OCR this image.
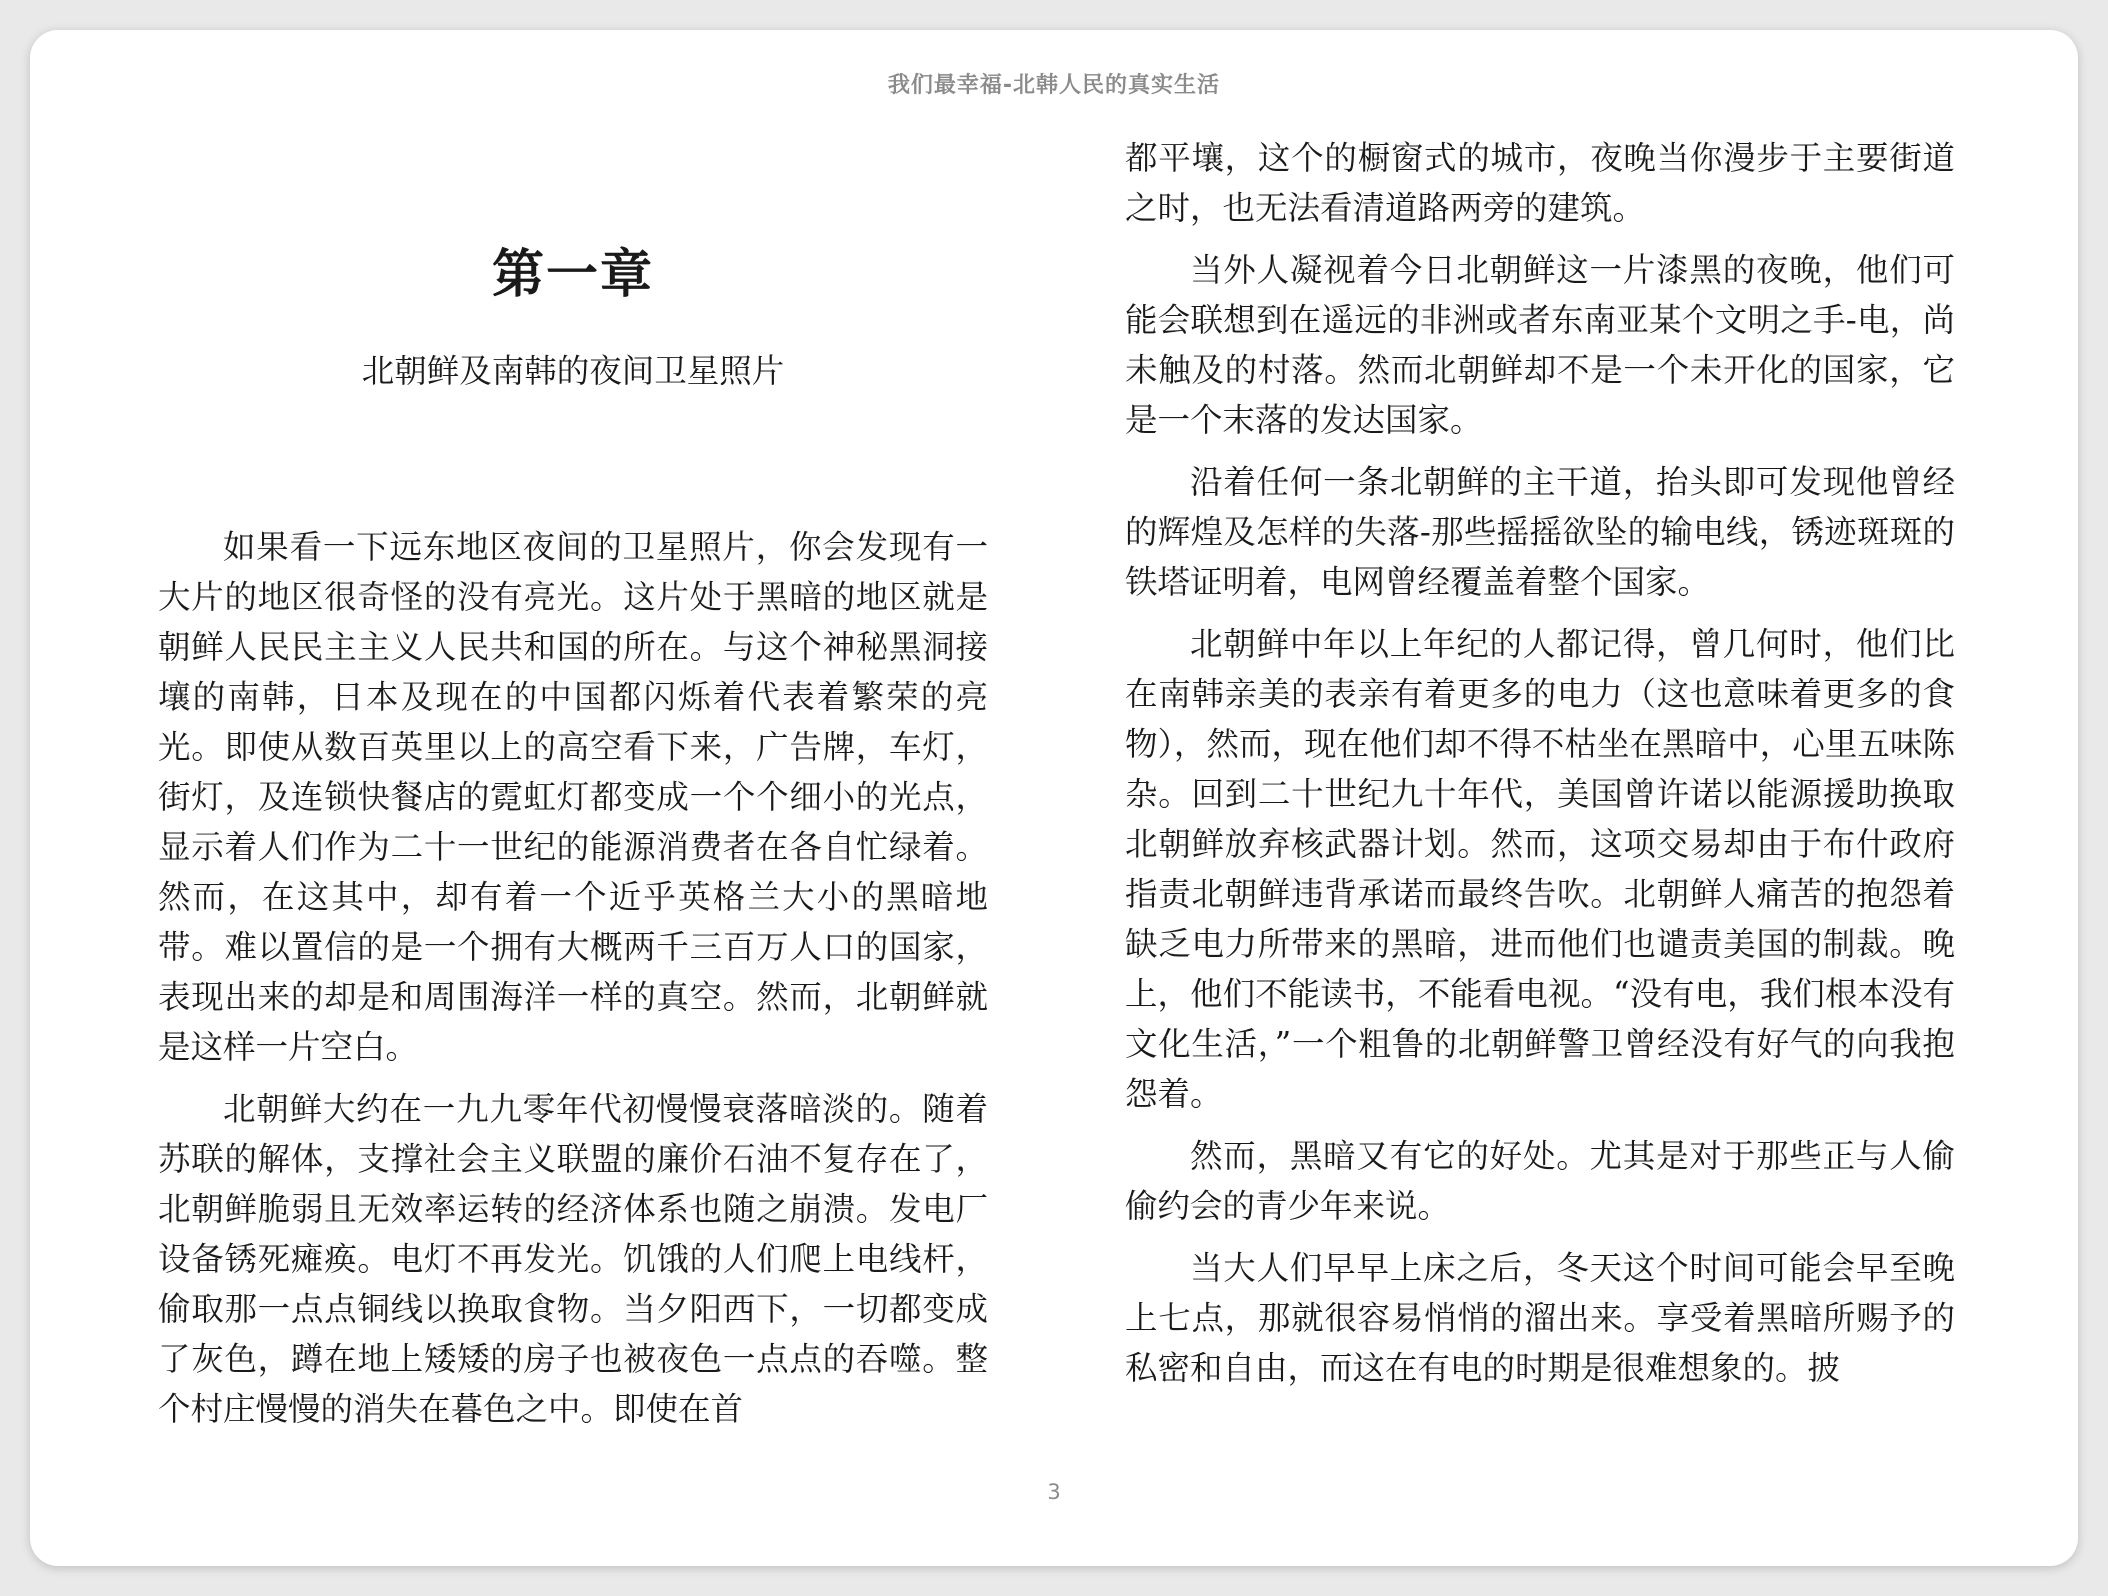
我们最幸福-北韩人民的真实生活
第一章
北朝鲜及南韩的夜间卫星照片

如果看一下远东地区夜间的卫星照片，你会发现有一大片的地区很奇怪的没有亮光。这片处于黑暗的地区就是朝鲜人民民主主义人民共和国的所在。与这个神秘黑洞接壤的南韩，日本及现在的中国都闪烁着代表着繁荣的亮光。即使从数百英里以上的高空看下来，广告牌，车灯，街灯，及连锁快餐店的霓虹灯都变成一个个细小的光点，显示着人们作为二十一世纪的能源消费者在各自忙绿着。然而，在这其中，却有着一个近乎英格兰大小的黑暗地带。难以置信的是一个拥有大概两千三百万人口的国家，表现出来的却是和周围海洋一样的真空。然而，北朝鲜就是这样一片空白。

北朝鲜大约在一九九零年代初慢慢衰落暗淡的。随着苏联的解体，支撑社会主义联盟的廉价石油不复存在了，北朝鲜脆弱且无效率运转的经济体系也随之崩溃。发电厂设备锈死瘫痪。电灯不再发光。饥饿的人们爬上电线杆，偷取那一点点铜线以换取食物。当夕阳西下，一切都变成了灰色，蹲在地上矮矮的房子也被夜色一点点的吞噬。整个村庄慢慢的消失在暮色之中。即使在首

都平壤，这个的橱窗式的城市，夜晚当你漫步于主要街道之时，也无法看清道路两旁的建筑。

当外人凝视着今日北朝鲜这一片漆黑的夜晚，他们可能会联想到在遥远的非洲或者东南亚某个文明之手-电，尚未触及的村落。然而北朝鲜却不是一个未开化的国家，它是一个末落的发达国家。

沿着任何一条北朝鲜的主干道，抬头即可发现他曾经的辉煌及怎样的失落-那些摇摇欲坠的输电线，锈迹斑斑的铁塔证明着，电网曾经覆盖着整个国家。

北朝鲜中年以上年纪的人都记得，曾几何时，他们比在南韩亲美的表亲有着更多的电力（这也意味着更多的食物），然而，现在他们却不得不枯坐在黑暗中，心里五味陈杂。回到二十世纪九十年代，美国曾许诺以能源援助换取北朝鲜放弃核武器计划。然而，这项交易却由于布什政府指责北朝鲜违背承诺而最终告吹。北朝鲜人痛苦的抱怨着缺乏电力所带来的黑暗，进而他们也谴责美国的制裁。晚上，他们不能读书，不能看电视。“没有电，我们根本没有文化生活，”一个粗鲁的北朝鲜警卫曾经没有好气的向我抱怨着。

然而，黑暗又有它的好处。尤其是对于那些正与人偷偷约会的青少年来说。

当大人们早早上床之后，冬天这个时间可能会早至晚上七点，那就很容易悄悄的溜出来。享受着黑暗所赐予的私密和自由，而这在有电的时期是很难想象的。披

3
